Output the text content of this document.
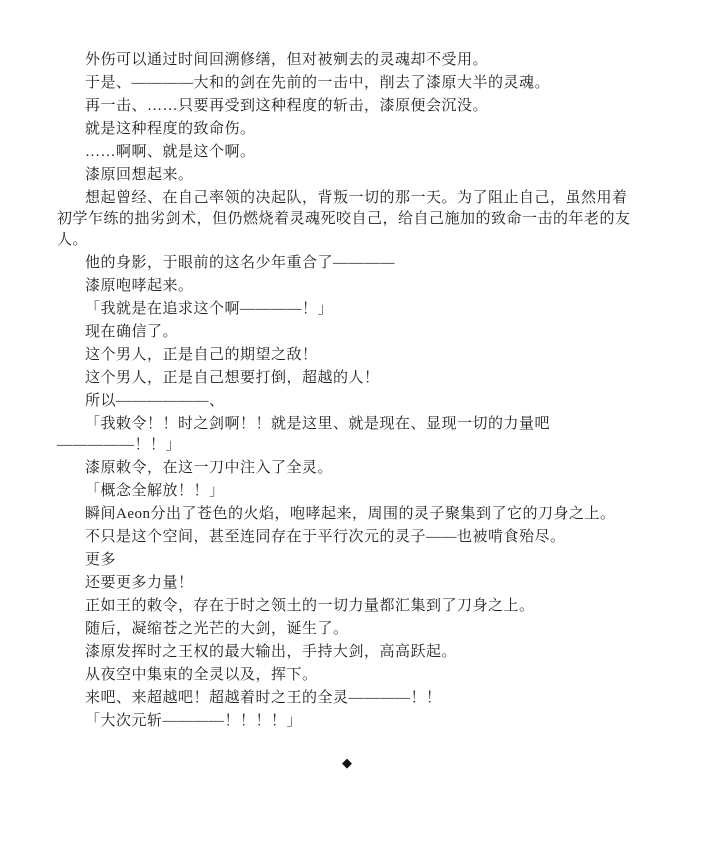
外伤可以通过时间回溯修缮，但对被剜去的灵魂却不受用。

于是、————大和的剑在先前的一击中，削去了漆原大半的灵魂。

再一击、……只要再受到这种程度的斩击，漆原便会沉没。

就是这种程度的致命伤。

……啊啊、就是这个啊。

漆原回想起来。

想起曾经、在自己率领的决起队，背叛一切的那一天。为了阻止自己，虽然用着初学乍练的拙劣剑术，但仍燃烧着灵魂死咬自己，给自己施加的致命一击的年老的友人。

他的身影，于眼前的这名少年重合了————

漆原咆哮起来。

「我就是在追求这个啊————！」

现在确信了。

这个男人，正是自己的期望之敌！

这个男人，正是自己想要打倒，超越的人！

所以——————、

「我敕令！！时之剑啊！！就是这里、就是现在、显现一切的力量吧—————！！」

漆原敕令，在这一刀中注入了全灵。

「概念全解放！！」

瞬间Aeon分出了苍色的火焰，咆哮起来，周围的灵子聚集到了它的刀身之上。

不只是这个空间，甚至连同存在于平行次元的灵子——也被啃食殆尽。

更多

还要更多力量！

正如王的敕令，存在于时之领土的一切力量都汇集到了刀身之上。

随后，凝缩苍之光芒的大剑，诞生了。

漆原发挥时之王权的最大输出，手持大剑，高高跃起。

从夜空中集束的全灵以及，挥下。

来吧、来超越吧！超越着时之王的全灵————！！

「大次元斩————！！！！」

◆
